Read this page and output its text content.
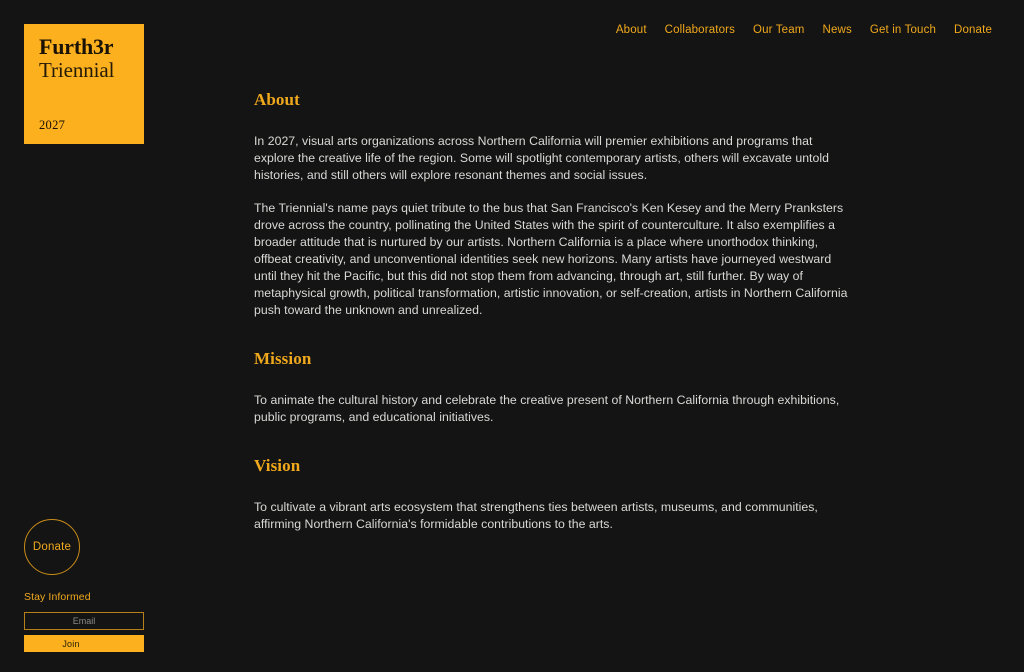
About Collaborators Our Team News Get in Touch Donate
Furth3r
Triennial
2027
About

In 2027, visual arts organizations across Northern California will premier exhibitions and programs that explore the creative life of the region. Some will spotlight contemporary artists, others will excavate untold histories, and still others will explore resonant themes and social issues.

The Triennial's name pays quiet tribute to the bus that San Francisco's Ken Kesey and the Merry Pranksters drove across the country, pollinating the United States with the spirit of counterculture. It also exemplifies a broader attitude that is nurtured by our artists. Northern California is a place where unorthodox thinking, offbeat creativity, and unconventional identities seek new horizons. Many artists have journeyed westward until they hit the Pacific, but this did not stop them from advancing, through art, still further. By way of metaphysical growth, political transformation, artistic innovation, or self-creation, artists in Northern California push toward the unknown and unrealized.

Mission

To animate the cultural history and celebrate the creative present of Northern California through exhibitions, public programs, and educational initiatives.

Vision

To cultivate a vibrant arts ecosystem that strengthens ties between artists, museums, and communities, affirming Northern California's formidable contributions to the arts.

Donate
Stay Informed
Email
Join
